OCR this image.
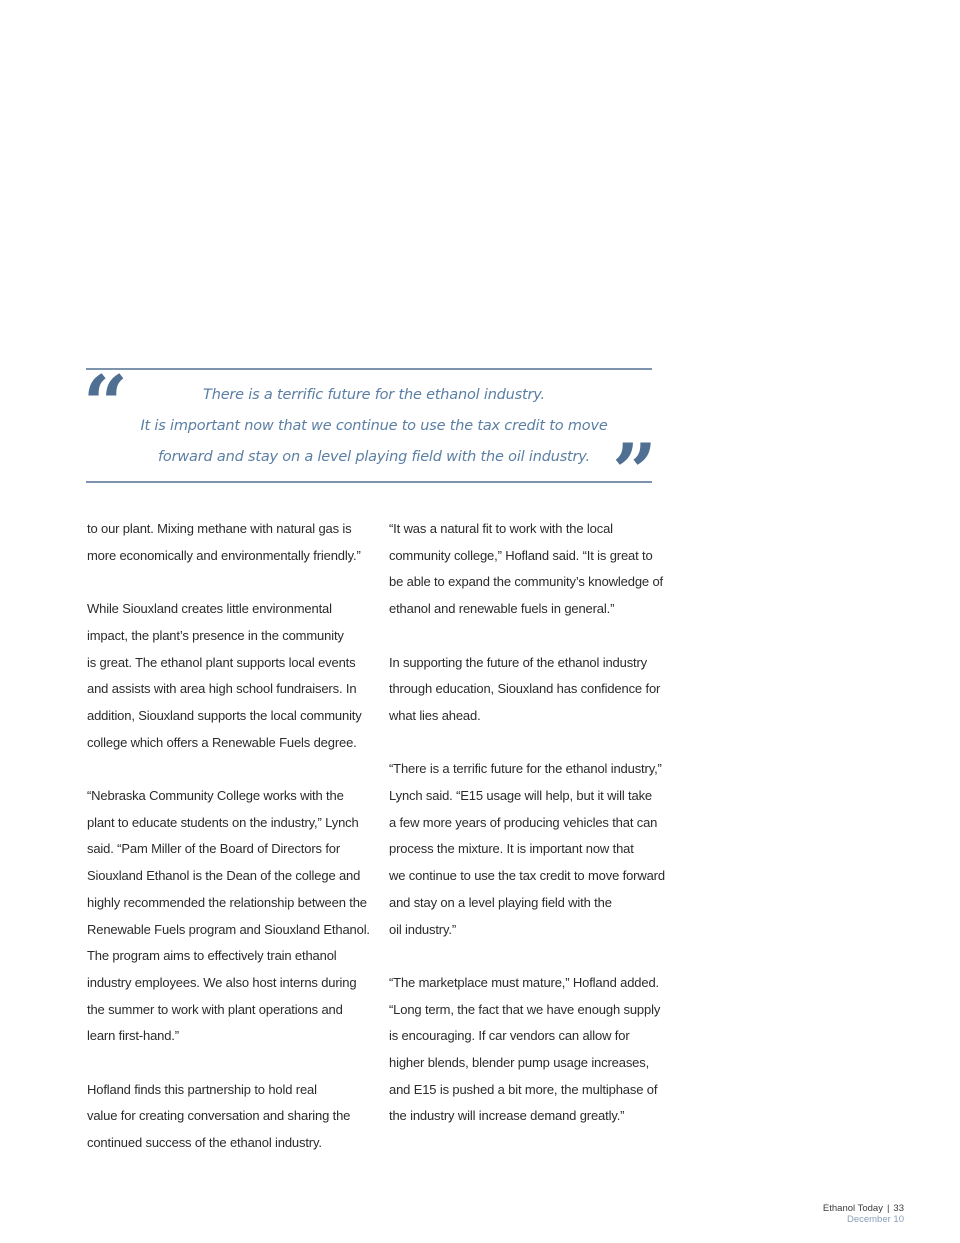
“	There is a terrific future for the ethanol industry.
It is important now that we continue to use the tax credit to move
forward and stay on a level playing field with the oil industry. ”
to our plant. Mixing methane with natural gas is
more economically and environmentally friendly.”
While Siouxland creates little environmental
impact, the plant’s presence in the community
is great. The ethanol plant supports local events
and assists with area high school fundraisers. In
addition, Siouxland supports the local community
college which offers a Renewable Fuels degree.
“Nebraska Community College works with the
plant to educate students on the industry,” Lynch
said. “Pam Miller of the Board of Directors for
Siouxland Ethanol is the Dean of the college and
highly recommended the relationship between the
Renewable Fuels program and Siouxland Ethanol.
The program aims to effectively train ethanol
industry employees. We also host interns during
the summer to work with plant operations and
learn first-hand.”
Hofland finds this partnership to hold real
value for creating conversation and sharing the
continued success of the ethanol industry.
“It was a natural fit to work with the local
community college,” Hofland said. “It is great to
be able to expand the community’s knowledge of
ethanol and renewable fuels in general.”
In supporting the future of the ethanol industry
through education, Siouxland has confidence for
what lies ahead.
“There is a terrific future for the ethanol industry,”
Lynch said. “E15 usage will help, but it will take
a few more years of producing vehicles that can
process the mixture. It is important now that
we continue to use the tax credit to move forward
and stay on a level playing field with the
oil industry.”
“The marketplace must mature,” Hofland added.
“Long term, the fact that we have enough supply
is encouraging. If car vendors can allow for
higher blends, blender pump usage increases,
and E15 is pushed a bit more, the multiphase of
the industry will increase demand greatly.”
Ethanol Today | 33
December 10
